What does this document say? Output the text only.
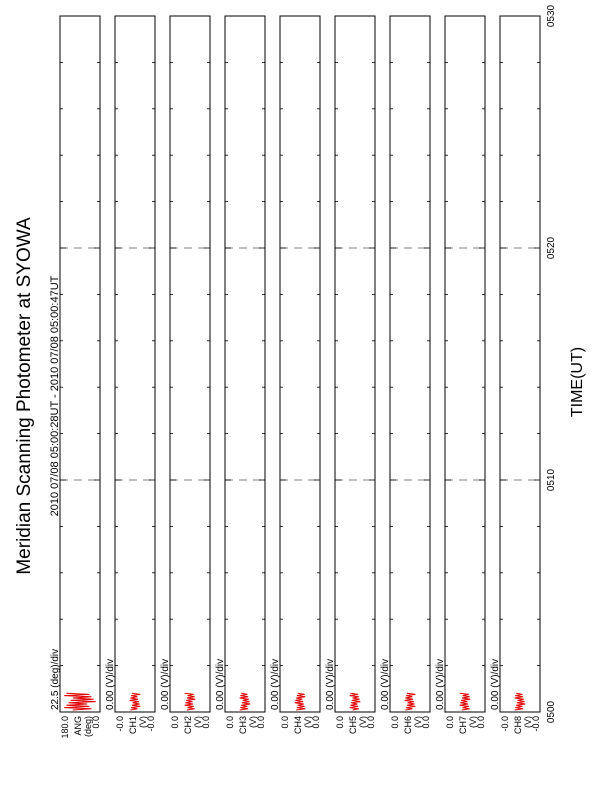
Meridian Scanning Photometer at SYOWA 2010 07/08 05:00:28UT - 2010 07/08 05:00:47UT	TIME(UT)
180.0 0.0
ANG (deg)
22.5 (deg)/div
-0.0 -0.0
CH1 (V)
0.00 (V)/div
0.0 0.0
CH2 (V)
0.00 (V)/div
0.0 0.0
CH3 (V)
0.00 (V)/div
0.0 0.0
CH4 (V)
0.00 (V)/div
0.0 0.0
CH5 (V)
0.00 (V)/div
0.0 0.0
CH6 (V)
0.00 (V)/div
0.0 0.0
CH7 (V)
0.00 (V)/div
-0.0 -0.0
CH8 (V)
0.00 (V)/div
0500
0510
0520
0530
